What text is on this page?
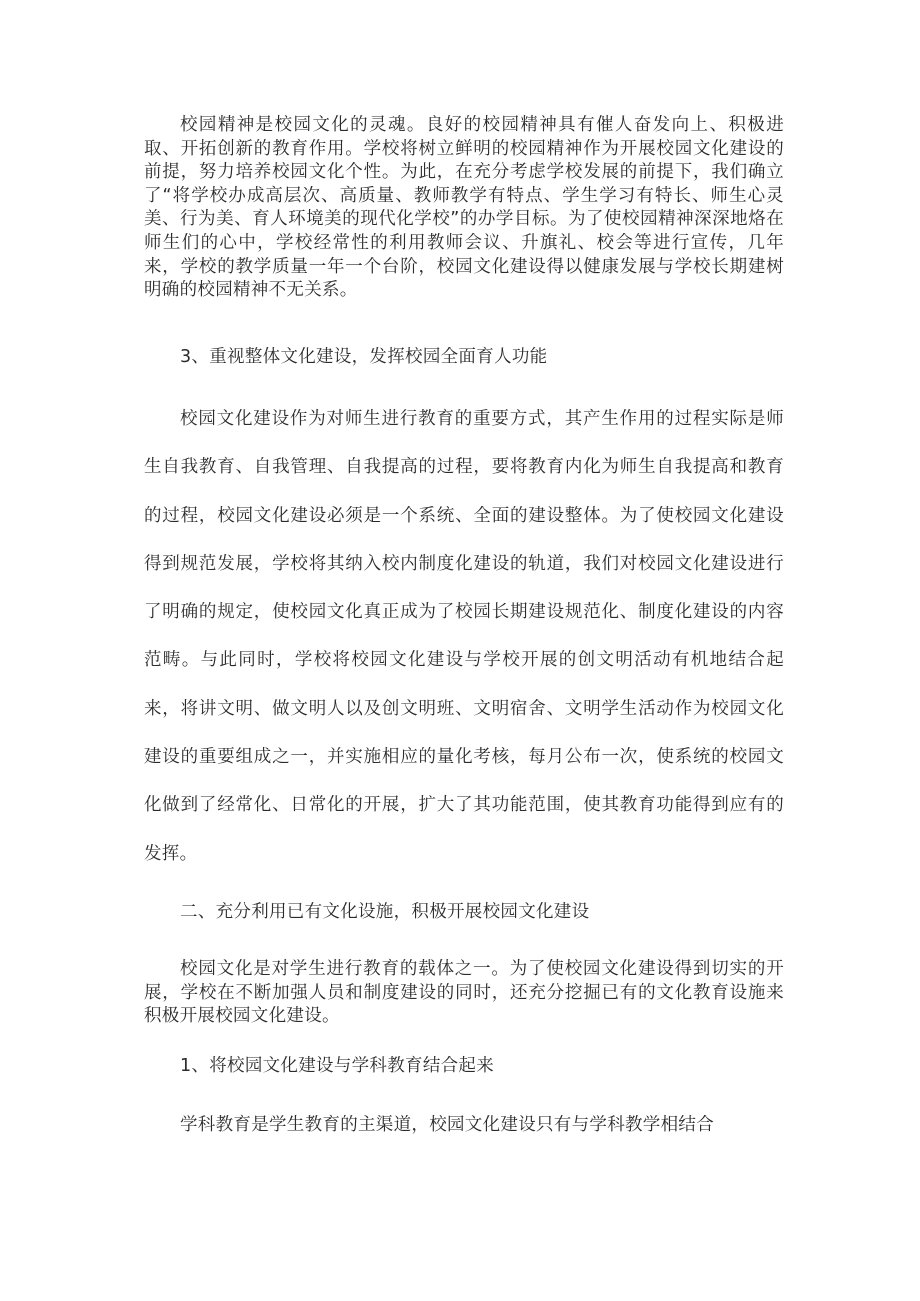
校园精神是校园文化的灵魂。良好的校园精神具有催人奋发向上、积极进取、开拓创新的教育作用。学校将树立鲜明的校园精神作为开展校园文化建设的前提，努力培养校园文化个性。为此，在充分考虑学校发展的前提下，我们确立了“将学校办成高层次、高质量、教师教学有特点、学生学习有特长、师生心灵美、行为美、育人环境美的现代化学校”的办学目标。为了使校园精神深深地烙在师生们的心中，学校经常性的利用教师会议、升旗礼、校会等进行宣传，几年来，学校的教学质量一年一个台阶，校园文化建设得以健康发展与学校长期建树明确的校园精神不无关系。

3、重视整体文化建设，发挥校园全面育人功能

校园文化建设作为对师生进行教育的重要方式，其产生作用的过程实际是师生自我教育、自我管理、自我提高的过程，要将教育内化为师生自我提高和教育的过程，校园文化建设必须是一个系统、全面的建设整体。为了使校园文化建设得到规范发展，学校将其纳入校内制度化建设的轨道，我们对校园文化建设进行了明确的规定，使校园文化真正成为了校园长期建设规范化、制度化建设的内容范畴。与此同时，学校将校园文化建设与学校开展的创文明活动有机地结合起来，将讲文明、做文明人以及创文明班、文明宿舍、文明学生活动作为校园文化建设的重要组成之一，并实施相应的量化考核，每月公布一次，使系统的校园文化做到了经常化、日常化的开展，扩大了其功能范围，使其教育功能得到应有的发挥。

二、充分利用已有文化设施，积极开展校园文化建设

校园文化是对学生进行教育的载体之一。为了使校园文化建设得到切实的开展，学校在不断加强人员和制度建设的同时，还充分挖掘已有的文化教育设施来积极开展校园文化建设。

1、将校园文化建设与学科教育结合起来

学科教育是学生教育的主渠道，校园文化建设只有与学科教学相结合
